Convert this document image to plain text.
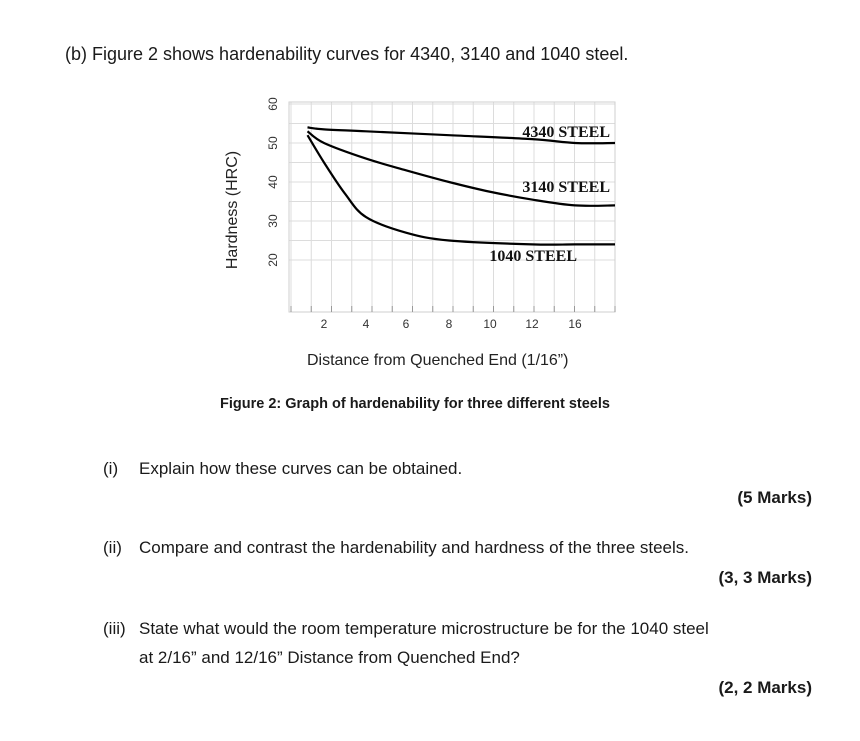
(b) Figure 2 shows hardenability curves for 4340, 3140 and 1040 steel.
60
50
40
30
20
2	4	6	8	10 12 16
4340 STEEL
3140 STEEL
1040 STEEL
Hardness (HRC)
Distance from Quenched End (1/16”)
Figure 2: Graph of hardenability for three different steels
(i) Explain how these curves can be obtained.
(5 Marks)
(ii) Compare and contrast the hardenability and hardness of the three steels.
(3, 3 Marks)
(iii) State what would the room temperature microstructure be for the 1040 steel
at 2/16” and 12/16” Distance from Quenched End?
(2, 2 Marks)
